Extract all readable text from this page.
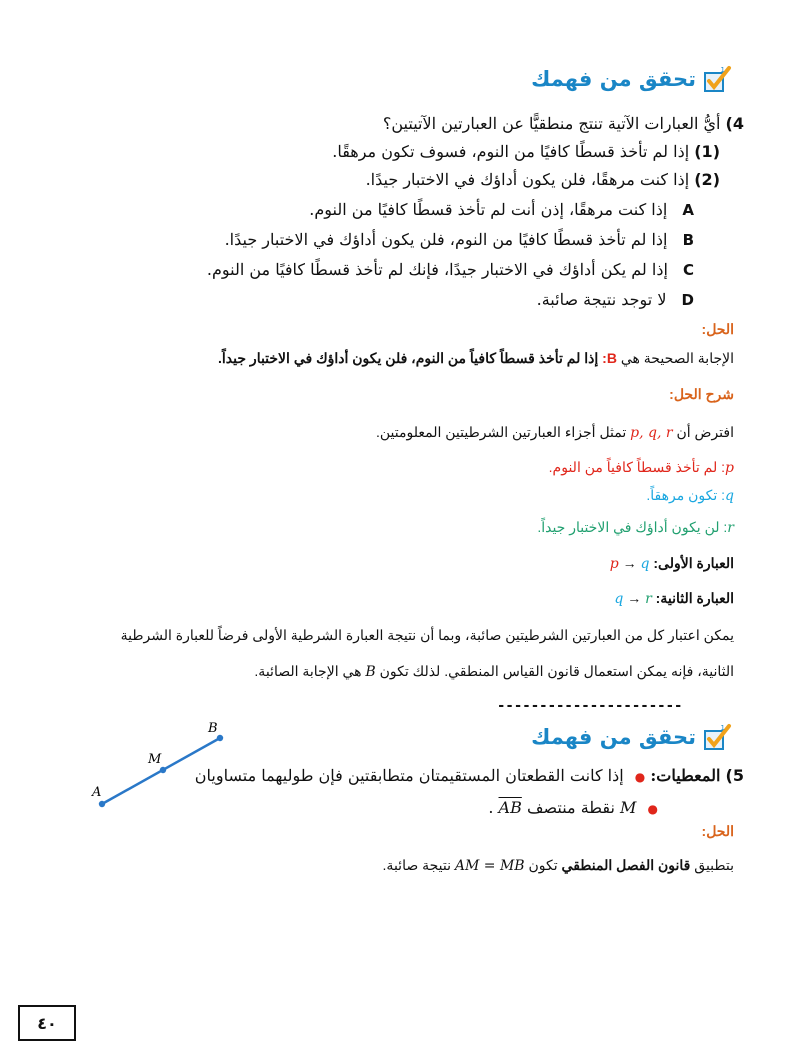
1
تحقق من فهمك
4) أيُّ العبارات الآتية تنتج منطقيًّا عن العبارتين الآتيتين؟
(1) إذا لم تأخذ قسطًا كافيًا من النوم، فسوف تكون مرهقًا.
(2) إذا كنت مرهقًا، فلن يكون أداؤك في الاختبار جيدًا.
A إذا كنت مرهقًا، إذن أنت لم تأخذ قسطًا كافيًا من النوم.
B إذا لم تأخذ قسطًا كافيًا من النوم، فلن يكون أداؤك في الاختبار جيدًا.
C إذا لم يكن أداؤك في الاختبار جيدًا، فإنك لم تأخذ قسطًا كافيًا من النوم.
D لا توجد نتيجة صائبة.
الحل:
الإجابة الصحيحة هي B: إذا لم تأخذ قسطاً كافياً من النوم، فلن يكون أداؤك في الاختبار جيداً.
شرح الحل:
افترض أن p, q, r تمثل أجزاء العبارتين الشرطيتين المعلومتين.
p: لم تأخذ قسطاً كافياً من النوم.
q: تكون مرهقاً.
r: لن يكون أداؤك في الاختبار جيداً.
العبارة الأولى: p → q
العبارة الثانية: q → r
يمكن اعتبار كل من العبارتين الشرطيتين صائبة، وبما أن نتيجة العبارة الشرطية الأولى فرضاً للعبارة الشرطية
الثانية، فإنه يمكن استعمال قانون القياس المنطقي. لذلك تكون B هي الإجابة الصائبة.
----------------------
1
تحقق من فهمك
A
M
B
5) المعطيات: ● إذا كانت القطعتان المستقيمتان متطابقتين فإن طوليهما متساويان
● M نقطة منتصف AB .
الحل:
بتطبيق قانون الفصل المنطقي تكون AM = MB نتيجة صائبة.
٤٠
